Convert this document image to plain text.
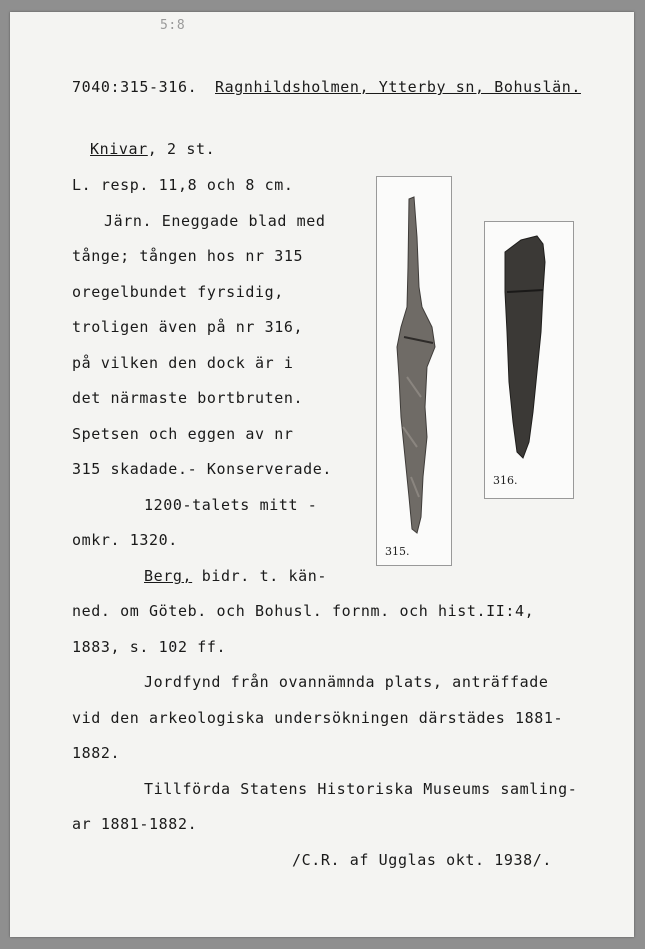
5:8
7040:315-316. Ragnhildsholmen, Ytterby sn, Bohuslän.
Knivar, 2 st.
L. resp. 11,8 och 8 cm.
Järn. Eneggade blad med
tånge; tången hos nr 315
oregelbundet fyrsidig,
troligen även på nr 316,
på vilken den dock är i
det närmaste bortbruten.
Spetsen och eggen av nr
315 skadade.- Konserverade.
1200-talets mitt -
omkr. 1320.
Berg, bidr. t. kän-
ned. om Göteb. och Bohusl. fornm. och hist.II:4,
1883, s. 102 ff.
Jordfynd från ovannämnda plats, anträffade
vid den arkeologiska undersökningen därstädes 1881-
1882.
Tillförda Statens Historiska Museums samling-
ar 1881-1882.
/C.R. af Ugglas okt. 1938/.
315.
316.
